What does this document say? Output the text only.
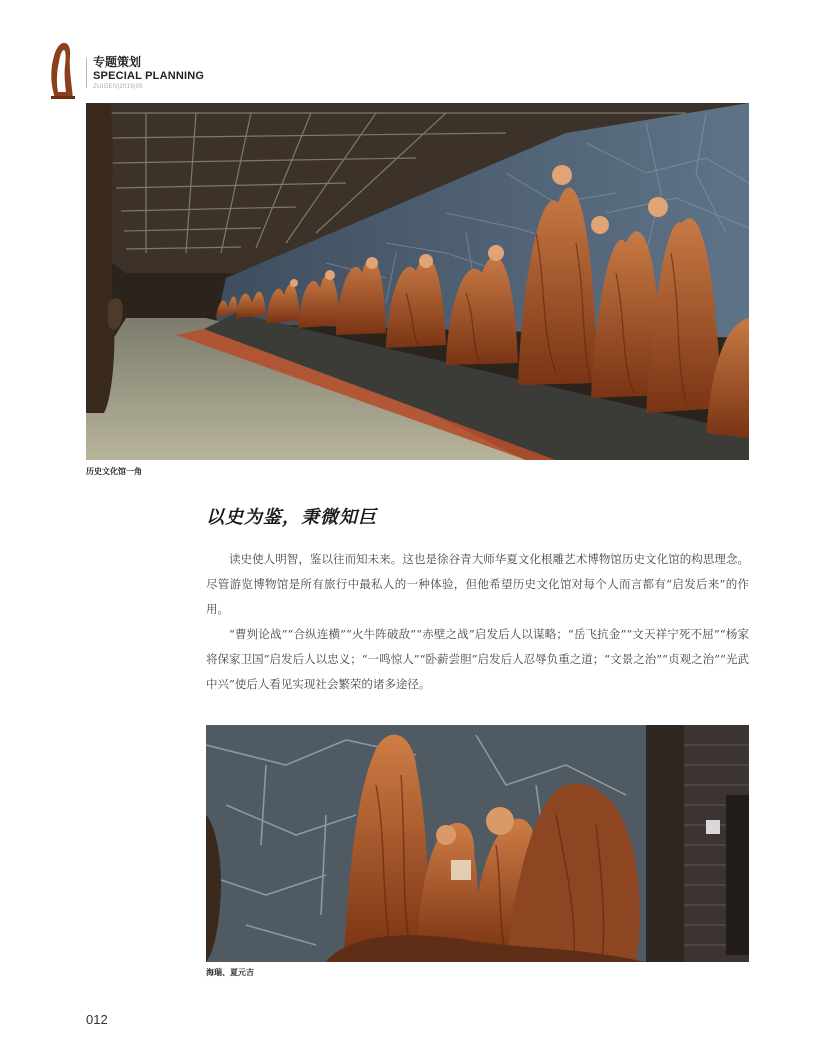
专题策划
SPECIAL PLANNING
ZUIGEN|2019|05
历史文化馆一角
以史为鉴，秉微知巨

读史使人明智，鉴以往而知未来。这也是徐谷青大师华夏文化根雕艺术博物馆历史文化馆的构思理念。尽管游览博物馆是所有旅行中最私人的一种体验，但他希望历史文化馆对每个人而言都有“启发后来”的作用。

“曹刿论战”“合纵连横”“火牛阵破敌”“赤壁之战”启发后人以谋略；“岳飞抗金”“文天祥宁死不屈”“杨家将保家卫国”启发后人以忠义；“一鸣惊人”“卧薪尝胆”启发后人忍辱负重之道；“文景之治”“贞观之治”“光武中兴”使后人看见实现社会繁荣的诸多途径。

海瑞、夏元吉
012
